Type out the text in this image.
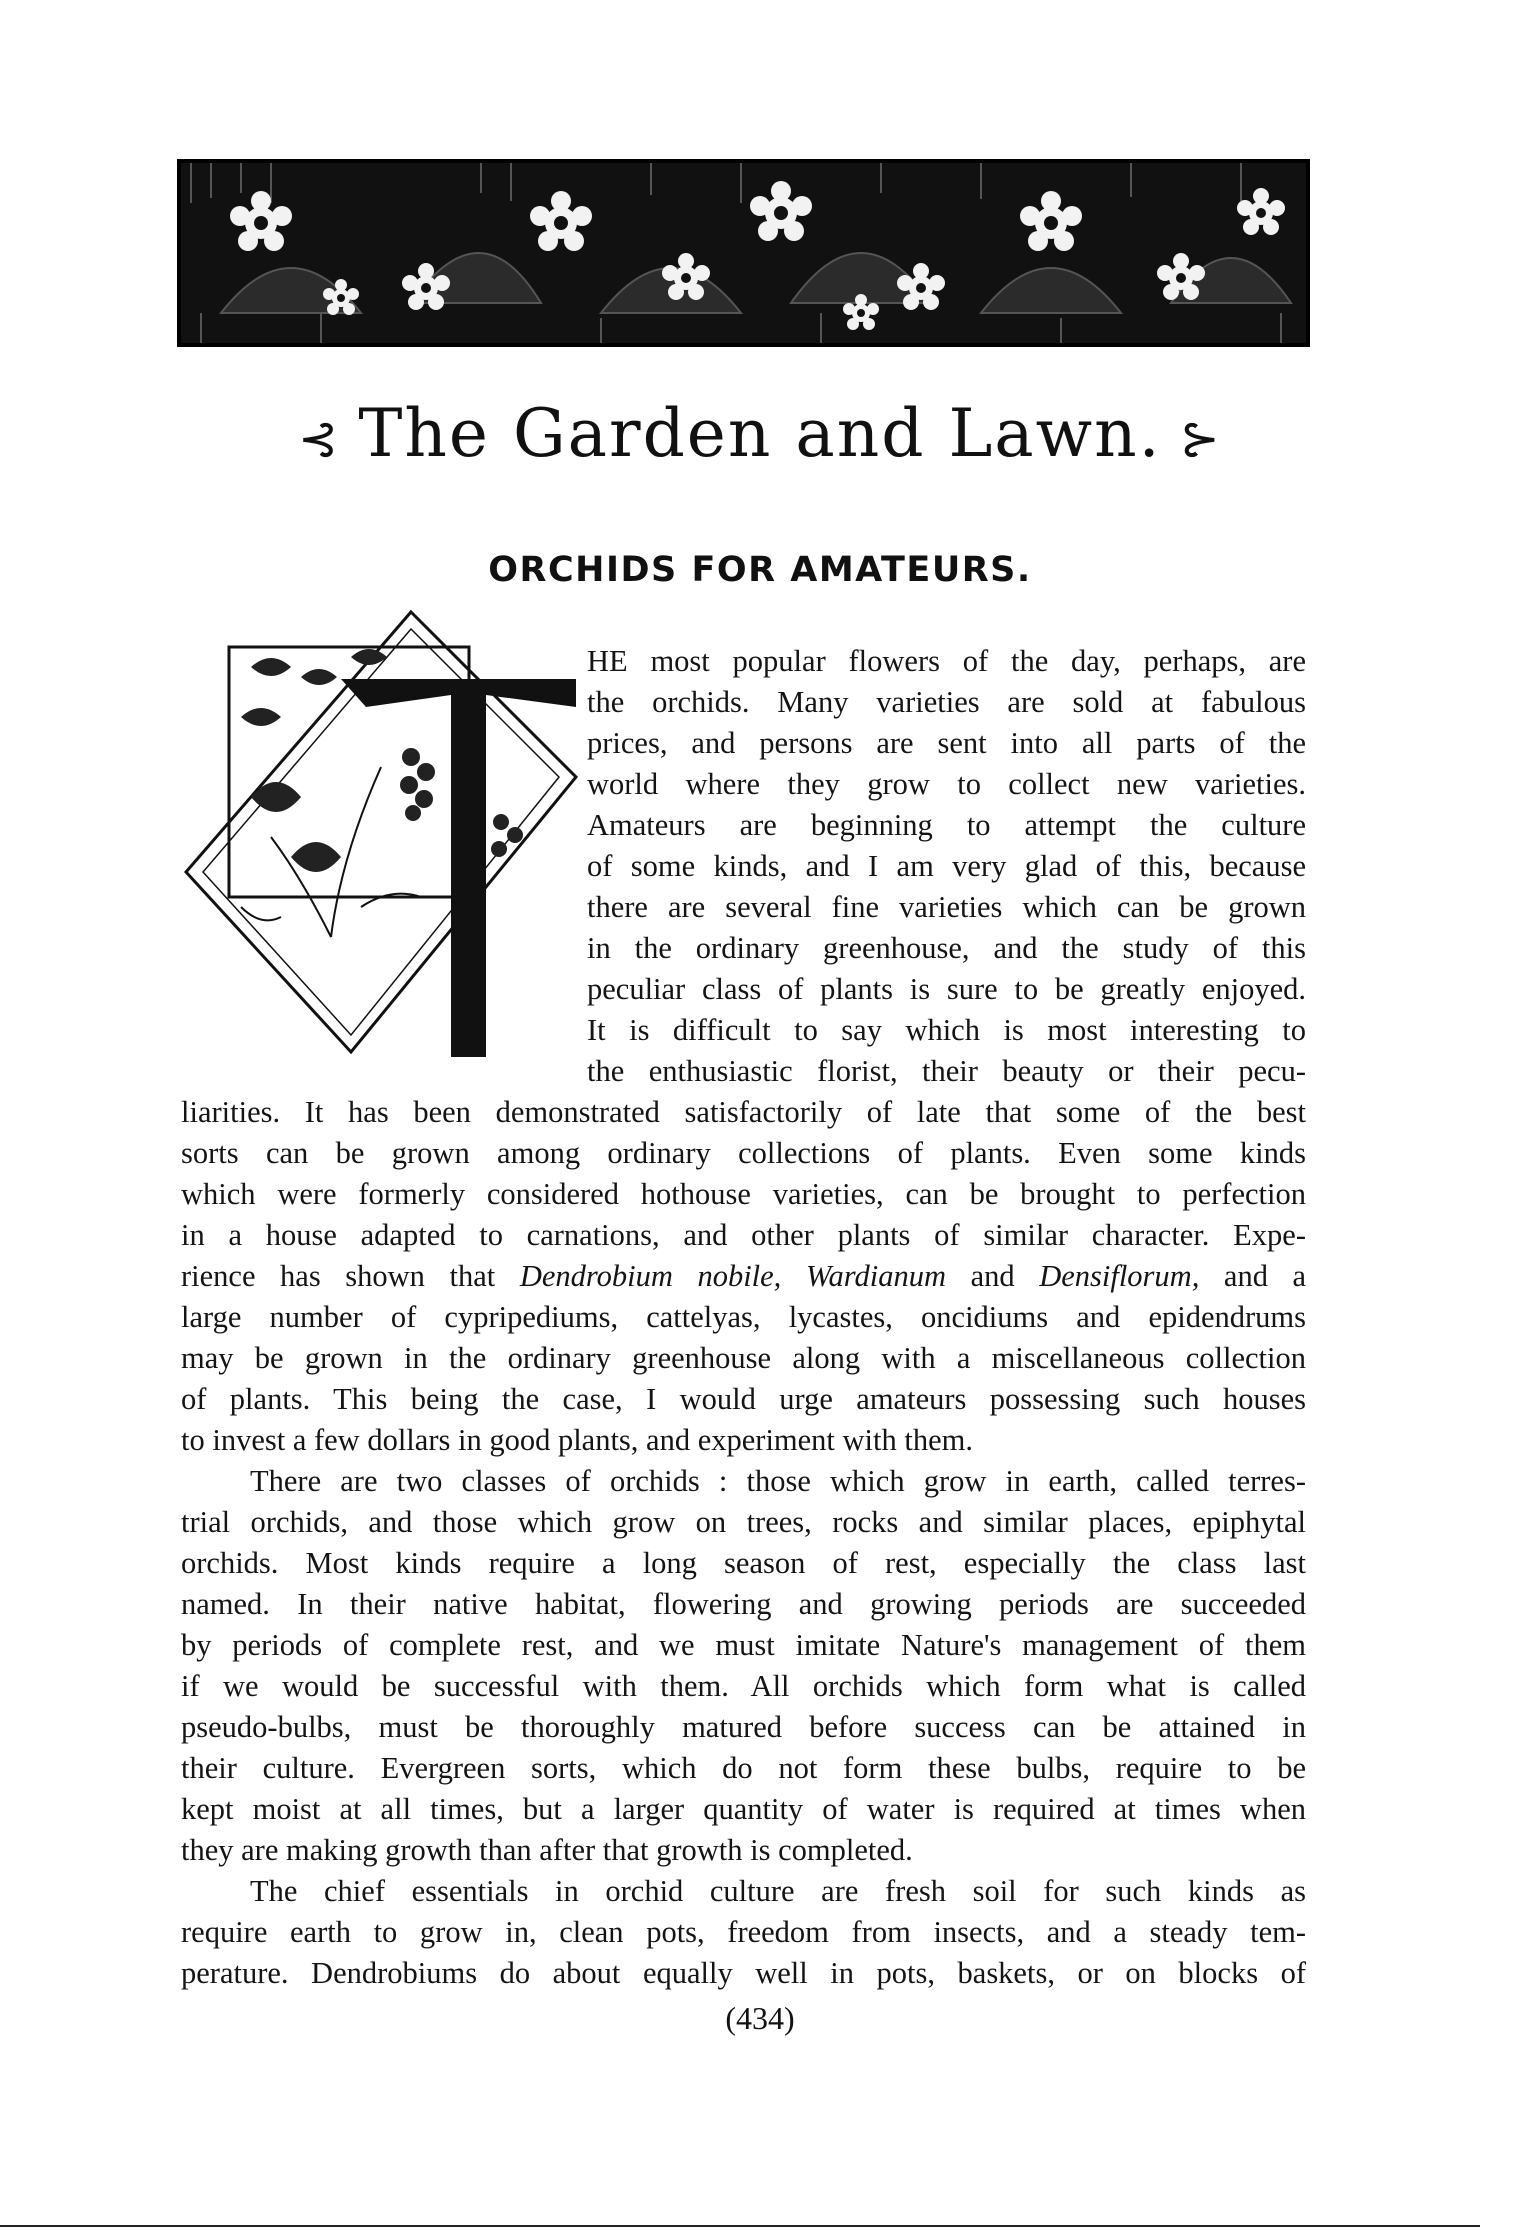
⊰ The Garden and Lawn. ⊱
ORCHIDS FOR AMATEURS.
HE most popular flowers of the day, perhaps, are
the orchids. Many varieties are sold at fabulous
prices, and persons are sent into all parts of the
world where they grow to collect new varieties.
Amateurs are beginning to attempt the culture
of some kinds, and I am very glad of this, because
there are several fine varieties which can be grown
in the ordinary greenhouse, and the study of this
peculiar class of plants is sure to be greatly enjoyed.
It is difficult to say which is most interesting to
the enthusiastic florist, their beauty or their pecu-
liarities. It has been demonstrated satisfactorily of late that some of the best
sorts can be grown among ordinary collections of plants. Even some kinds
which were formerly considered hothouse varieties, can be brought to perfection
in a house adapted to carnations, and other plants of similar character. Expe-
rience has shown that Dendrobium nobile, Wardianum and Densiflorum, and a
large number of cypripediums, cattelyas, lycastes, oncidiums and epidendrums
may be grown in the ordinary greenhouse along with a miscellaneous collection
of plants. This being the case, I would urge amateurs possessing such houses
to invest a few dollars in good plants, and experiment with them.
There are two classes of orchids : those which grow in earth, called terres-
trial orchids, and those which grow on trees, rocks and similar places, epiphytal
orchids. Most kinds require a long season of rest, especially the class last
named. In their native habitat, flowering and growing periods are succeeded
by periods of complete rest, and we must imitate Nature's management of them
if we would be successful with them. All orchids which form what is called
pseudo-bulbs, must be thoroughly matured before success can be attained in
their culture. Evergreen sorts, which do not form these bulbs, require to be
kept moist at all times, but a larger quantity of water is required at times when
they are making growth than after that growth is completed.
The chief essentials in orchid culture are fresh soil for such kinds as
require earth to grow in, clean pots, freedom from insects, and a steady tem-
perature. Dendrobiums do about equally well in pots, baskets, or on blocks of
(434)
